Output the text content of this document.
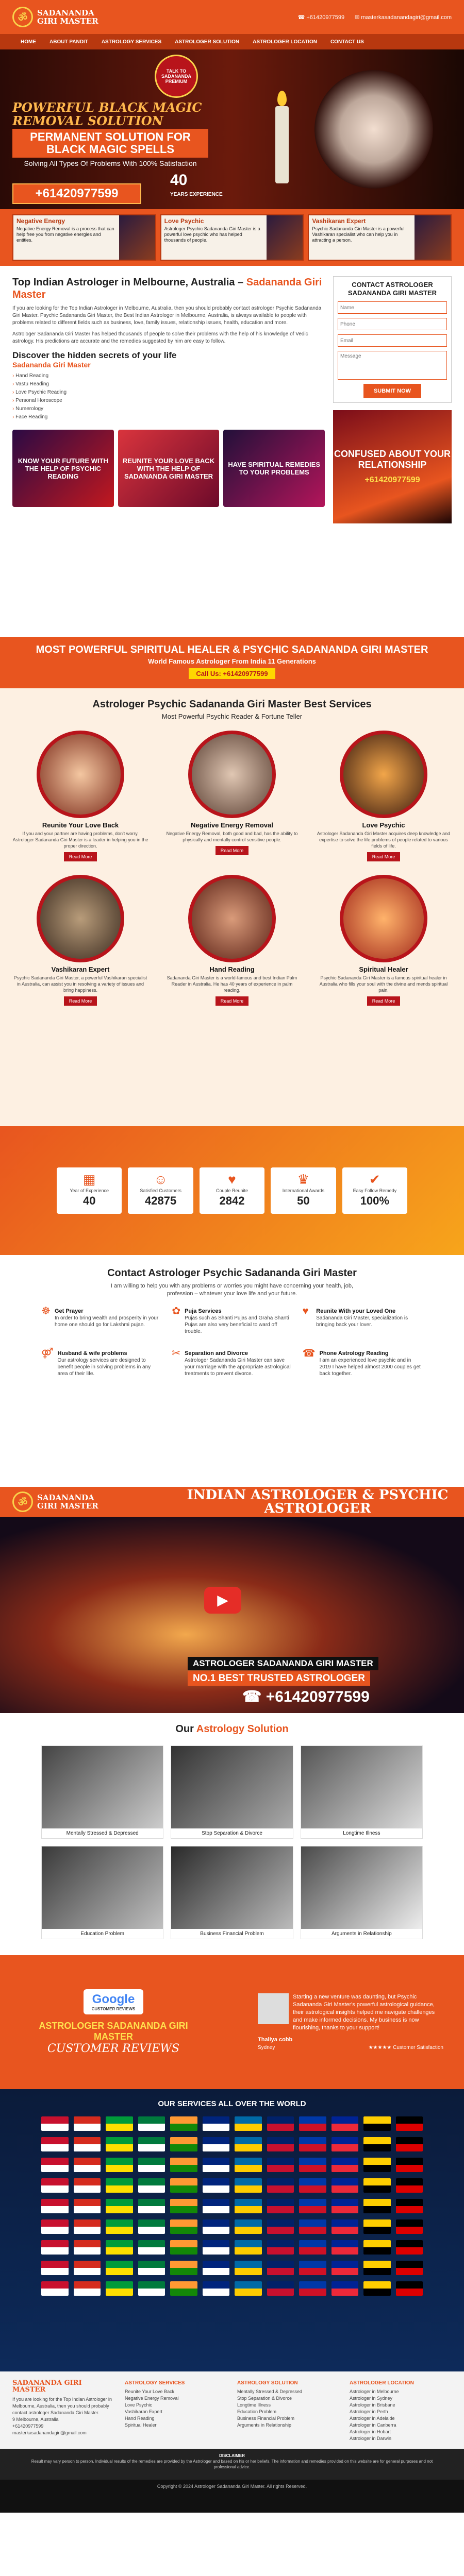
ॐ	SADANANDA
GIRI MASTER	☎ +61420977599 ✉ masterkasadanandagiri@gmail.com
HOME	ABOUT PANDIT	ASTROLOGY SERVICES	ASTROLOGER SOLUTION	ASTROLOGER LOCATION	CONTACT US
TALK TO
SADANANDA
PREMIUM
POWERFUL BLACK MAGIC REMOVAL SOLUTION
PERMANENT SOLUTION FOR BLACK MAGIC SPELLS
Solving All Types Of Problems With 100% Satisfaction
+61420977599
40
YEARS EXPERIENCE
Negative Energy
Negative Energy Removal is a process that can help free you from negative energies and entities.
Love Psychic
Astrologer Psychic Sadananda Giri Master is a powerful love psychic who has helped thousands of people.
Vashikaran Expert
Psychic Sadananda Giri Master is a powerful Vashikaran specialist who can help you in attracting a person.
Top Indian Astrologer in Melbourne, Australia – Sadananda Giri Master

If you are looking for the Top Indian Astrologer in Melbourne, Australia, then you should probably contact astrologer Psychic Sadananda Giri Master. Psychic Sadananda Giri Master, the Best Indian Astrologer in Melbourne, Australia, is always available to people with problems related to different fields such as business, love, family issues, relationship issues, health, education and more.

Astrologer Sadananda Giri Master has helped thousands of people to solve their problems with the help of his knowledge of Vedic astrology. His predictions are accurate and the remedies suggested by him are easy to follow.

Discover the hidden secrets of your life
Sadananda Giri Master
› Hand Reading
› Vastu Reading
› Love Psychic Reading
› Personal Horoscope
› Numerology
› Face Reading
KNOW YOUR FUTURE WITH THE HELP OF PSYCHIC READING
REUNITE YOUR LOVE BACK WITH THE HELP OF SADANANDA GIRI MASTER
HAVE SPIRITUAL REMEDIES TO YOUR PROBLEMS
CONTACT ASTROLOGER SADANANDA GIRI MASTER
Name
Phone
Email
Message SUBMIT NOW
CONFUSED ABOUT YOUR RELATIONSHIP
+61420977599
MOST POWERFUL SPIRITUAL HEALER & PSYCHIC SADANANDA GIRI MASTER
World Famous Astrologer From India 11 Generations
Call Us: +61420977599
Astrologer Psychic Sadananda Giri Master Best Services
Most Powerful Psychic Reader & Fortune Teller
Reunite Your Love Back
If you and your partner are having problems, don't worry. Astrologer Sadananda Giri Master is a leader in helping you in the proper direction.
Read More
Negative Energy Removal
Negative Energy Removal, both good and bad, has the ability to physically and mentally control sensitive people.
Read More
Love Psychic
Astrologer Sadananda Giri Master acquires deep knowledge and expertise to solve the life problems of people related to various fields of life.
Read More
Vashikaran Expert
Psychic Sadananda Giri Master, a powerful Vashikaran specialist in Australia, can assist you in resolving a variety of issues and bring happiness.
Read More
Hand Reading
Sadananda Giri Master is a world-famous and best Indian Palm Reader in Australia. He has 40 years of experience in palm reading.
Read More
Spiritual Healer
Psychic Sadananda Giri Master is a famous spiritual healer in Australia who fills your soul with the divine and mends spiritual pain.
Read More
▦
Year of Experience
40
☺
Satisfied Customers
42875
♥
Couple Reunite
2842
♛
International Awards
50
✔
Easy Follow Remedy
100%
Contact Astrologer Psychic Sadananda Giri Master
I am willing to help you with any problems or worries you might have concerning your health, job, profession – whatever your love life and your future.
☸ Get Prayer
In order to bring wealth and prosperity in your home one should go for Lakshmi pujan.
✿ Puja Services
Pujas such as Shanti Pujas and Graha Shanti Pujas are also very beneficial to ward off trouble.
♥	Reunite With your Loved One
Sadananda Giri Master, specialization is bringing back your lover.
⚤ Husband & wife problems
Our astrology services are designed to benefit people in solving problems in any area of their life.
✂ Separation and Divorce
Astrologer Sadananda Giri Master can save your marriage with the appropriate astrological treatments to prevent divorce.
☎ Phone Astrology Reading
I am an experienced love psychic and in 2019 I have helped almost 2000 couples get back together.
ॐ	SADANANDA
GIRI MASTER
INDIAN ASTROLOGER & PSYCHIC ASTROLOGER
▶
ASTROLOGER SADANANDA GIRI MASTER
NO.1 BEST TRUSTED ASTROLOGER
☎ +61420977599
Our Astrology Solution
Mentally Stressed & Depressed	Stop Separation & Divorce	Longtime Illness
Education Problem	Business Financial Problem	Arguments in Relationship
Google
CUSTOMER REVIEWS
ASTROLOGER SADANANDA GIRI MASTER
CUSTOMER REVIEWS
Starting a new venture was daunting, but Psychic Sadananda Giri Master's powerful astrological guidance, their astrological insights helped me navigate challenges and make informed decisions. My business is now flourishing, thanks to your support!
Thaliya cobb
Sydney	★★★★★ Customer Satisfaction
OUR SERVICES ALL OVER THE WORLD
SADANANDA GIRI MASTER
If you are looking for the Top Indian Astrologer in Melbourne, Australia, then you should probably contact astrologer Sadananda Giri Master.
9 Melbourne, Australia
+61420977599
masterkasadanandagiri@gmail.com
ASTROLOGY SERVICES
Reunite Your Love Back
Negative Energy Removal
Love Psychic
Vashikaran Expert
Hand Reading
Spiritual Healer
ASTROLOGY SOLUTION
Mentally Stressed & Depressed
Stop Separation & Divorce
Longtime Illness
Education Problem
Business Financial Problem
Arguments in Relationship
ASTROLOGER LOCATION
Astrologer in Melbourne
Astrologer in Sydney
Astrologer in Brisbane
Astrologer in Perth
Astrologer in Adelaide
Astrologer in Canberra
Astrologer in Hobart
Astrologer in Darwin
DISCLAIMER
Result may vary person to person. Individual results of the remedies are provided by the Astrologer and based on his or her beliefs. The information and remedies provided on this website are for general purposes and not professional advice.
Copyright © 2024 Astrologer Sadananda Giri Master. All rights Reserved.
